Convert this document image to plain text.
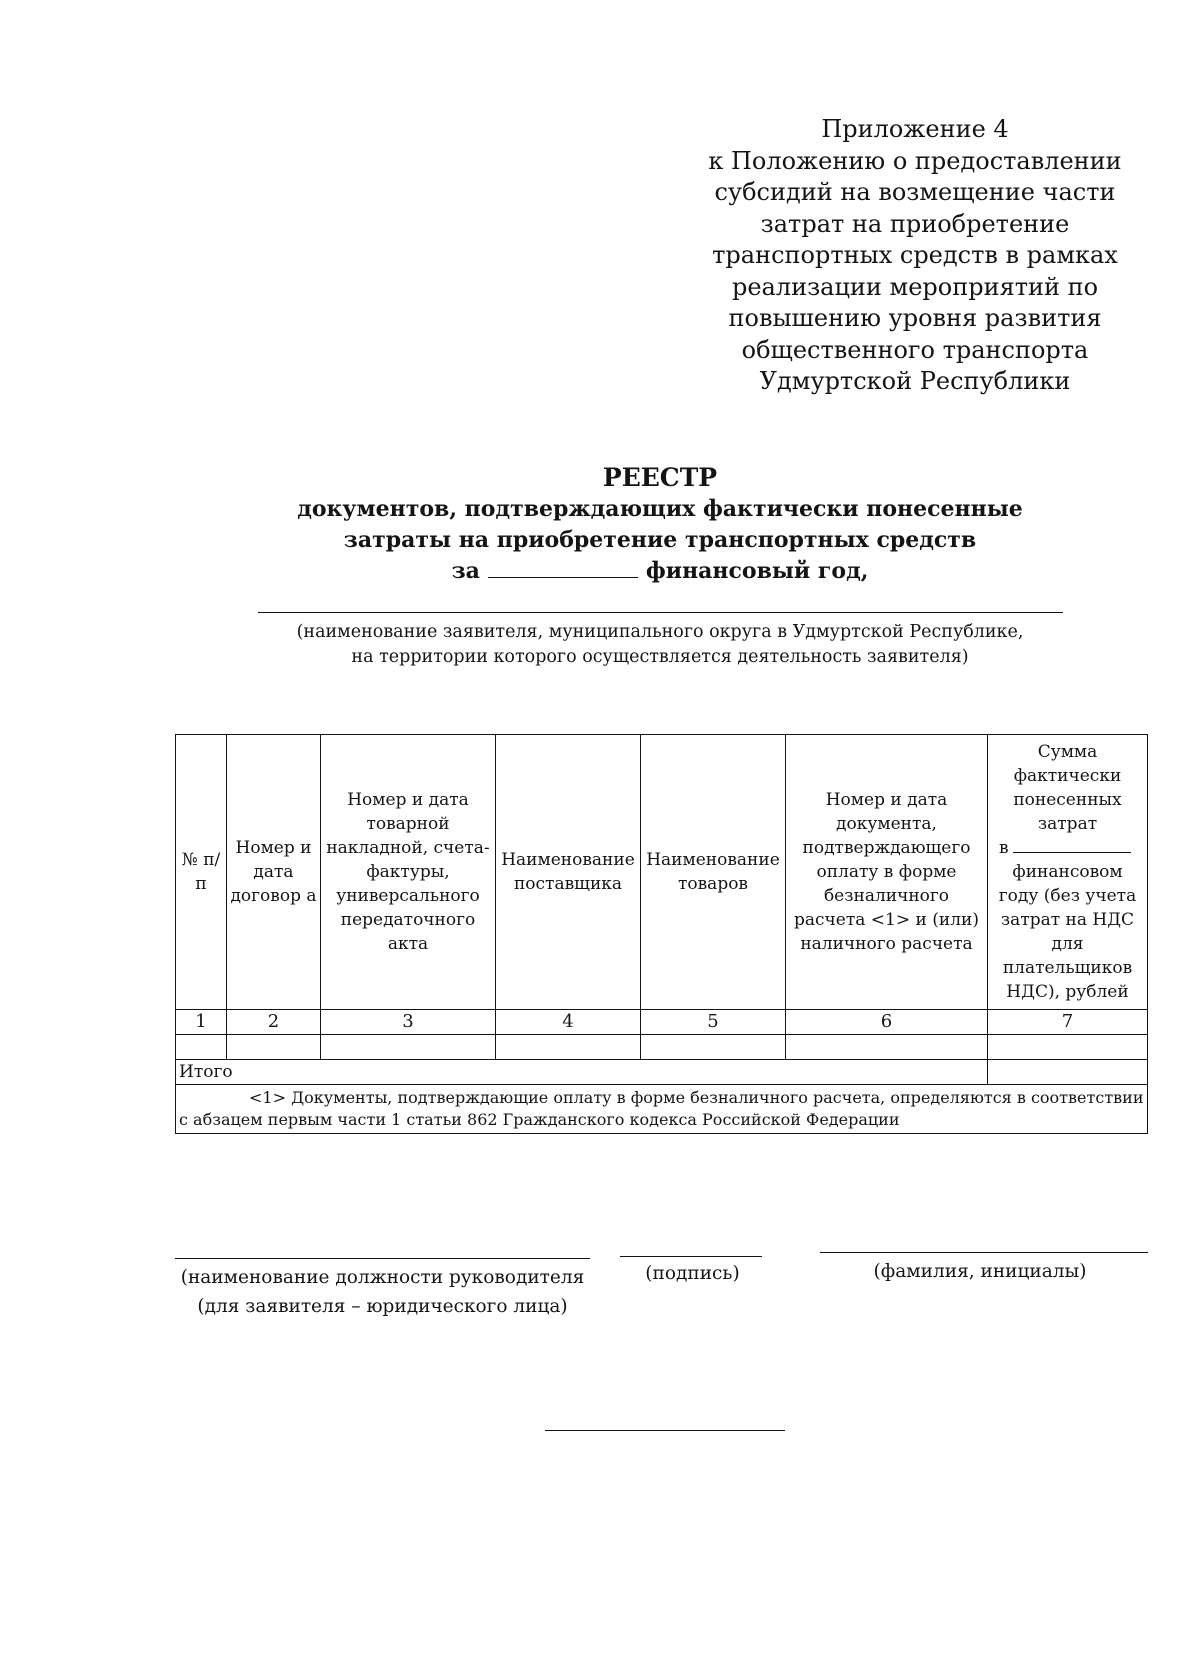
Приложение 4
к Положению о предоставлении
субсидий на возмещение части
затрат на приобретение
транспортных средств в рамках
реализации мероприятий по
повышению уровня развития
общественного транспорта
Удмуртской Республики
РЕЕСТР
документов, подтверждающих фактически понесенные
затраты на приобретение транспортных средств
за	финансовый год,
(наименование заявителя, муниципального округа в Удмуртской Республике,
на территории которого осуществляется деятельность заявителя)
№ п/п	Номер и дата договор а	Номер и дата товарной накладной, счета-фактуры, универсального передаточного акта	Наименование поставщика	Наименование товаров	Номер и дата документа, подтверждающего оплату в форме безналичного расчета <1> и (или) наличного расчета	Сумма фактически понесенных затрат
в
финансовом году (без учета затрат на НДС для плательщиков НДС), рублей

1	2	3	4	5	6	7

Итого						
<1> Документы, подтверждающие оплату в форме безналичного расчета, определяются в соответствии с абзацем первым части 1 статьи 862 Гражданского кодекса Российской Федерации						
(наименование должности руководителя
(для заявителя – юридического лица)
(подпись)	(фамилия, инициалы)
